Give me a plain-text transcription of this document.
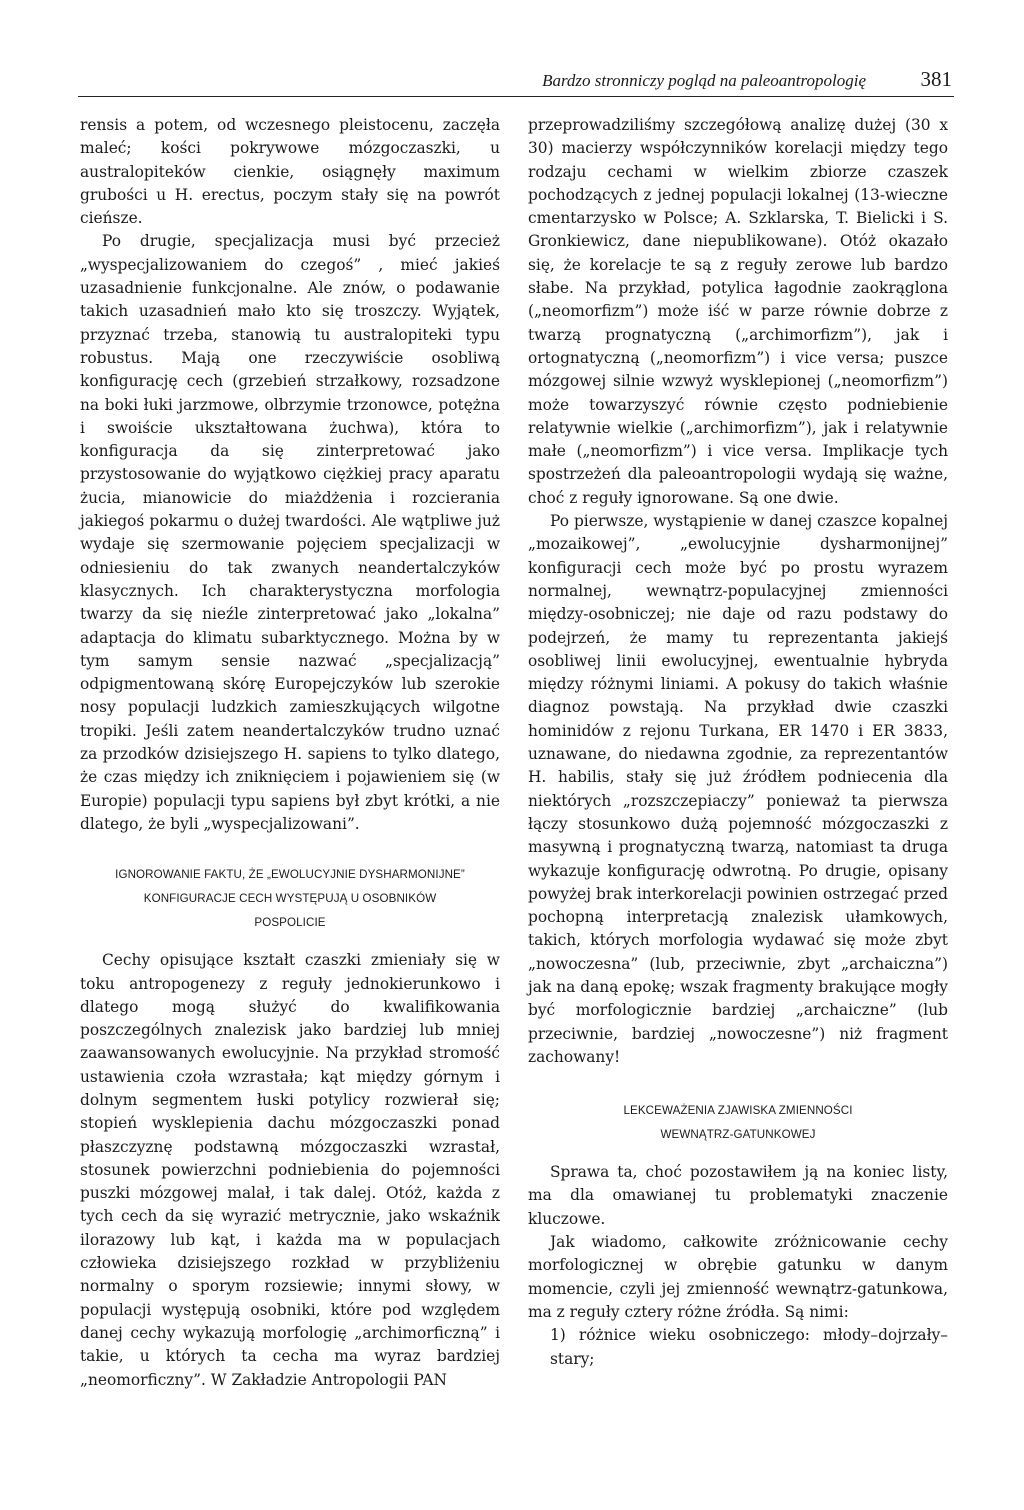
Bardzo stronniczy pogląd na paleoantropologię	381

rensis a potem, od wczesnego pleistocenu, zaczęła maleć; kości pokrywowe mózgoczaszki, u australopiteków cienkie, osiągnęły maximum grubości u H. erectus, poczym stały się na powrót cieńsze.

Po drugie, specjalizacja musi być przecież „wyspecjalizowaniem do czegoś” , mieć jakieś uzasadnienie funkcjonalne. Ale znów, o podawanie takich uzasadnień mało kto się troszczy. Wyjątek, przyznać trzeba, stanowią tu australopiteki typu robustus. Mają one rzeczywiście osobliwą konfigurację cech (grzebień strzałkowy, rozsadzone na boki łuki jarzmowe, olbrzymie trzonowce, potężna i swoiście ukształtowana żuchwa), która to konfiguracja da się zinterpretować jako przystosowanie do wyjątkowo ciężkiej pracy aparatu żucia, mianowicie do miażdżenia i rozcierania jakiegoś pokarmu o dużej twardości. Ale wątpliwe już wydaje się szermowanie pojęciem specjalizacji w odniesieniu do tak zwanych neandertalczyków klasycznych. Ich charakterystyczna morfologia twarzy da się nieźle zinterpretować jako „lokalna” adaptacja do klimatu subarktycznego. Można by w tym samym sensie nazwać „specjalizacją” odpigmentowaną skórę Europejczyków lub szerokie nosy populacji ludzkich zamieszkujących wilgotne tropiki. Jeśli zatem neandertalczyków trudno uznać za przodków dzisiejszego H. sapiens to tylko dlatego, że czas między ich zniknięciem i pojawieniem się (w Europie) populacji typu sapiens był zbyt krótki, a nie dlatego, że byli „wyspecjalizowani”.

IGNOROWANIE FAKTU, ŻE „EWOLUCYJNIE DYSHARMONIJNE”
KONFIGURACJE CECH WYSTĘPUJĄ U OSOBNIKÓW
POSPOLICIE

Cechy opisujące kształt czaszki zmieniały się w toku antropogenezy z reguły jednokierunkowo i dlatego mogą służyć do kwalifikowania poszczególnych znalezisk jako bardziej lub mniej zaawansowanych ewolucyjnie. Na przykład stromość ustawienia czoła wzrastała; kąt między górnym i dolnym segmentem łuski potylicy rozwierał się; stopień wysklepienia dachu mózgoczaszki ponad płaszczyznę podstawną mózgoczaszki wzrastał, stosunek powierzchni podniebienia do pojemności puszki mózgowej malał, i tak dalej. Otóż, każda z tych cech da się wyrazić metrycznie, jako wskaźnik ilorazowy lub kąt, i każda ma w populacjach człowieka dzisiejszego rozkład w przybliżeniu normalny o sporym rozsiewie; innymi słowy, w populacji występują osobniki, które pod względem danej cechy wykazują morfologię „archimorficzną” i takie, u których ta cecha ma wyraz bardziej „neomorficzny”. W Zakładzie Antropologii PAN

przeprowadziliśmy szczegółową analizę dużej (30 x 30) macierzy współczynników korelacji między tego rodzaju cechami w wielkim zbiorze czaszek pochodzących z jednej populacji lokalnej (13-wieczne cmentarzysko w Polsce; A. Szklarska, T. Bielicki i S. Gronkiewicz, dane niepublikowane). Otóż okazało się, że korelacje te są z reguły zerowe lub bardzo słabe. Na przykład, potylica łagodnie zaokrąglona („neomorfizm”) może iść w parze równie dobrze z twarzą prognatyczną („archimorfizm”), jak i ortognatyczną („neomorfizm”) i vice versa; puszce mózgowej silnie wzwyż wysklepionej („neomorfizm”) może towarzyszyć równie często podniebienie relatywnie wielkie („archimorfizm”), jak i relatywnie małe („neomorfizm”) i vice versa. Implikacje tych spostrzeżeń dla paleoantropologii wydają się ważne, choć z reguły ignorowane. Są one dwie.

Po pierwsze, wystąpienie w danej czaszce kopalnej „mozaikowej”, „ewolucyjnie dysharmonijnej” konfiguracji cech może być po prostu wyrazem normalnej, wewnątrz-populacyjnej zmienności między-osobniczej; nie daje od razu podstawy do podejrzeń, że mamy tu reprezentanta jakiejś osobliwej linii ewolucyjnej, ewentualnie hybryda między różnymi liniami. A pokusy do takich właśnie diagnoz powstają. Na przykład dwie czaszki hominidów z rejonu Turkana, ER 1470 i ER 3833, uznawane, do niedawna zgodnie, za reprezentantów H. habilis, stały się już źródłem podniecenia dla niektórych „rozszczepiaczy” ponieważ ta pierwsza łączy stosunkowo dużą pojemność mózgoczaszki z masywną i prognatyczną twarzą, natomiast ta druga wykazuje konfigurację odwrotną. Po drugie, opisany powyżej brak interkorelacji powinien ostrzegać przed pochopną interpretacją znalezisk ułamkowych, takich, których morfologia wydawać się może zbyt „nowoczesna” (lub, przeciwnie, zbyt „archaiczna”) jak na daną epokę; wszak fragmenty brakujące mogły być morfologicznie bardziej „archaiczne” (lub przeciwnie, bardziej „nowoczesne”) niż fragment zachowany!

LEKCEWAŻENIA ZJAWISKA ZMIENNOŚCI
WEWNĄTRZ-GATUNKOWEJ

Sprawa ta, choć pozostawiłem ją na koniec listy, ma dla omawianej tu problematyki znaczenie kluczowe.

Jak wiadomo, całkowite zróżnicowanie cechy morfologicznej w obrębie gatunku w danym momencie, czyli jej zmienność wewnątrz-gatunkowa, ma z reguły cztery różne źródła. Są nimi:

1) różnice wieku osobniczego: młody–dojrzały–stary;
